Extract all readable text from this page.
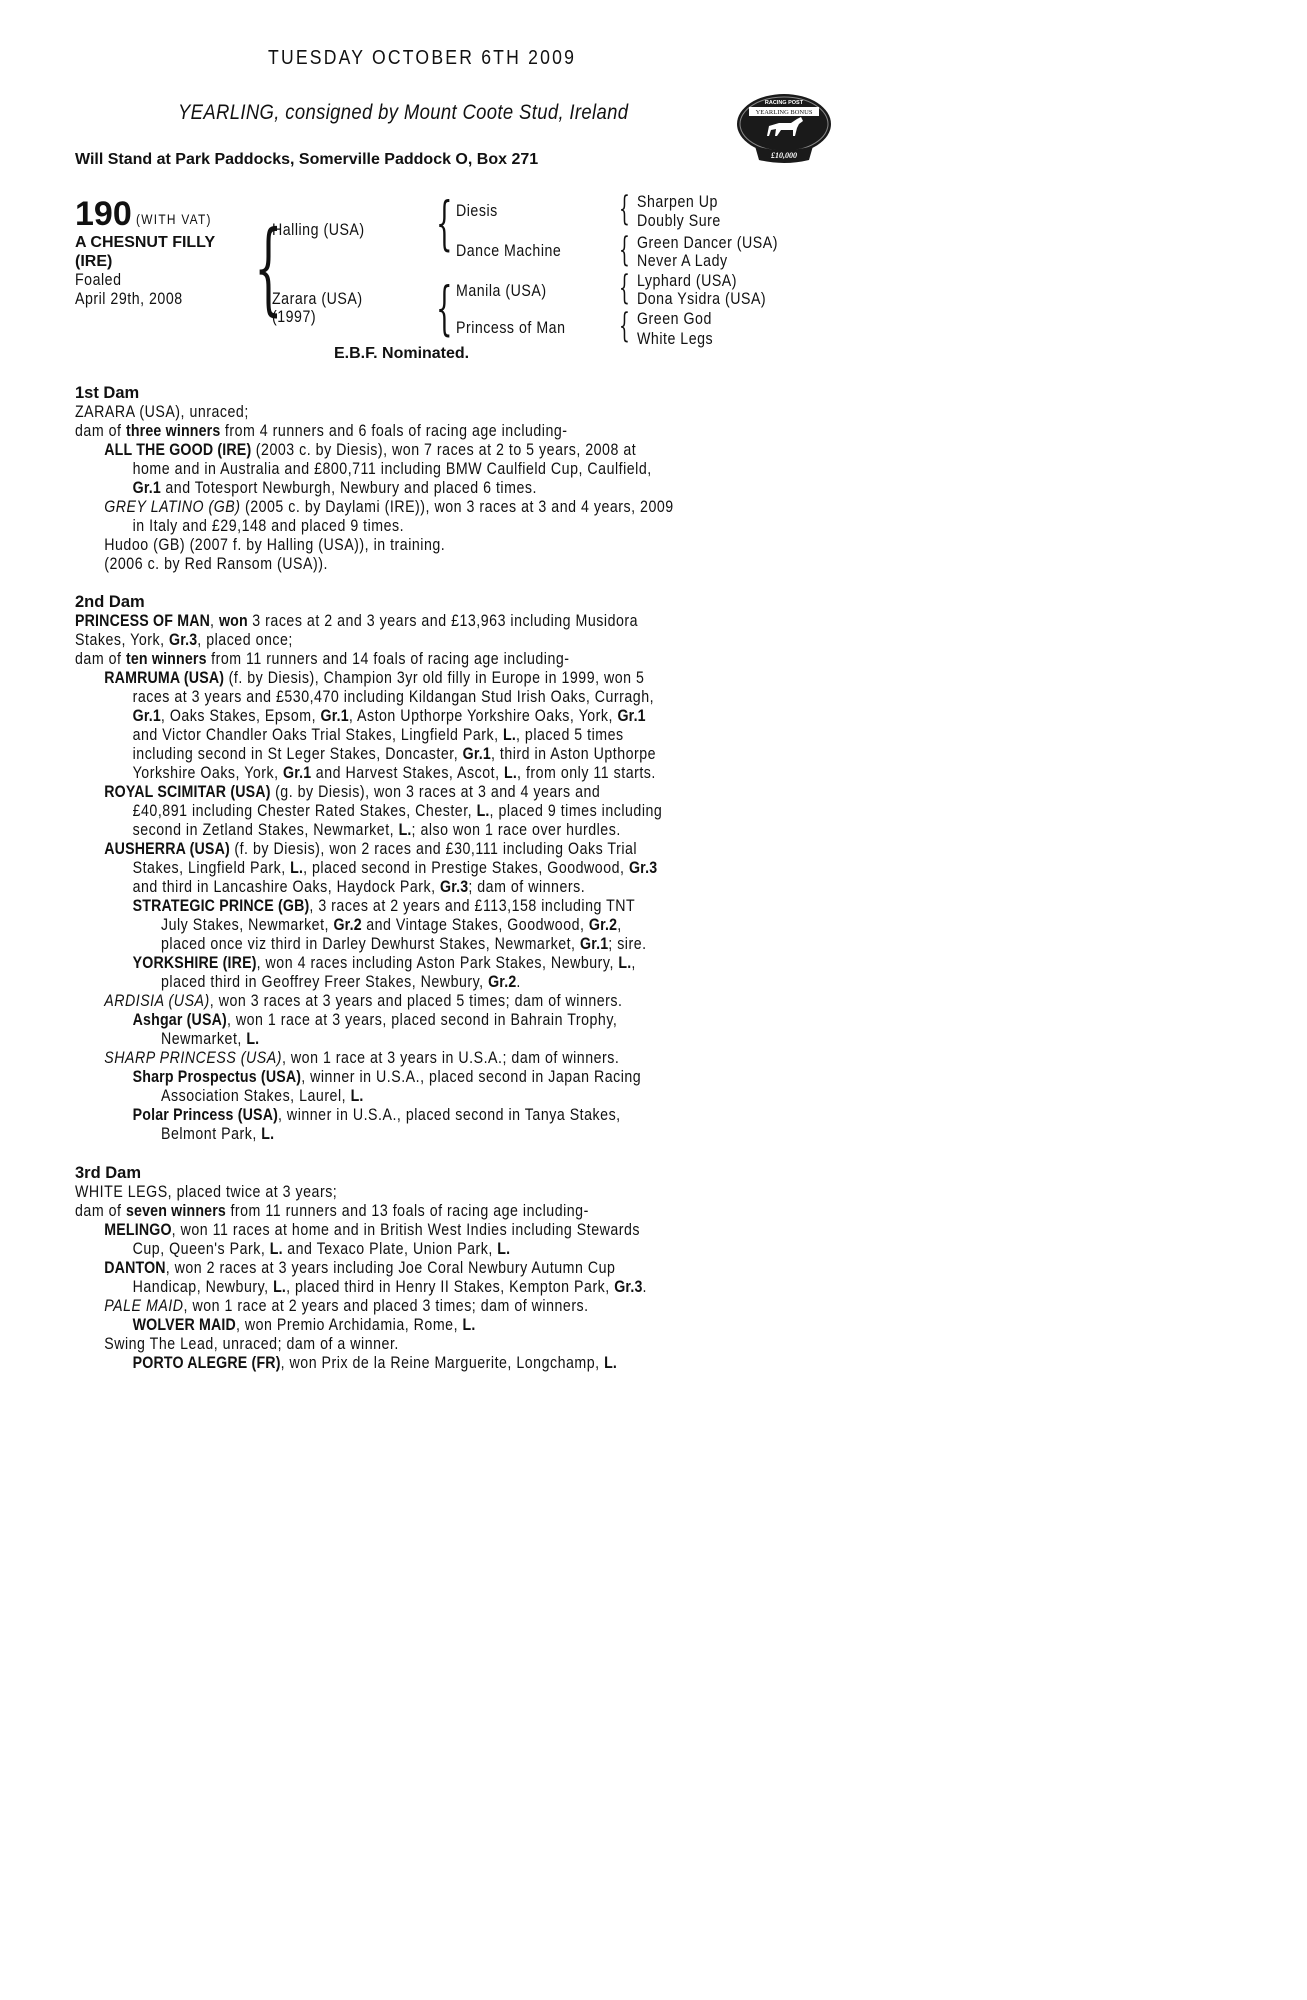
TUESDAY OCTOBER 6TH 2009
YEARLING, consigned by Mount Coote Stud, Ireland
Will Stand at Park Paddocks, Somerville Paddock O, Box 271
RACING POST
YEARLING BONUS
£10,000
190 (WITH VAT)
A CHESNUT FILLY
(IRE)
Foaled
April 29th, 2008 {	{
{
{
{
{
{
Halling (USA)
Zarara (USA)
(1997)
Diesis
Dance Machine
Manila (USA)
Princess of Man
Sharpen Up
Doubly Sure
Green Dancer (USA)
Never A Lady
Lyphard (USA)
Dona Ysidra (USA)
Green God
White Legs
E.B.F. Nominated.
1st Dam
ZARARA (USA), unraced;
dam of three winners from 4 runners and 6 foals of racing age including-
ALL THE GOOD (IRE) (2003 c. by Diesis), won 7 races at 2 to 5 years, 2008 at
home and in Australia and £800,711 including BMW Caulfield Cup, Caulfield,
Gr.1 and Totesport Newburgh, Newbury and placed 6 times.
GREY LATINO (GB) (2005 c. by Daylami (IRE)), won 3 races at 3 and 4 years, 2009
in Italy and £29,148 and placed 9 times.
Hudoo (GB) (2007 f. by Halling (USA)), in training.
(2006 c. by Red Ransom (USA)).
2nd Dam
PRINCESS OF MAN, won 3 races at 2 and 3 years and £13,963 including Musidora
Stakes, York, Gr.3, placed once;
dam of ten winners from 11 runners and 14 foals of racing age including-
RAMRUMA (USA) (f. by Diesis), Champion 3yr old filly in Europe in 1999, won 5
races at 3 years and £530,470 including Kildangan Stud Irish Oaks, Curragh,
Gr.1, Oaks Stakes, Epsom, Gr.1, Aston Upthorpe Yorkshire Oaks, York, Gr.1
and Victor Chandler Oaks Trial Stakes, Lingfield Park, L., placed 5 times
including second in St Leger Stakes, Doncaster, Gr.1, third in Aston Upthorpe
Yorkshire Oaks, York, Gr.1 and Harvest Stakes, Ascot, L., from only 11 starts.
ROYAL SCIMITAR (USA) (g. by Diesis), won 3 races at 3 and 4 years and
£40,891 including Chester Rated Stakes, Chester, L., placed 9 times including
second in Zetland Stakes, Newmarket, L.; also won 1 race over hurdles.
AUSHERRA (USA) (f. by Diesis), won 2 races and £30,111 including Oaks Trial
Stakes, Lingfield Park, L., placed second in Prestige Stakes, Goodwood, Gr.3
and third in Lancashire Oaks, Haydock Park, Gr.3; dam of winners.
STRATEGIC PRINCE (GB), 3 races at 2 years and £113,158 including TNT
July Stakes, Newmarket, Gr.2 and Vintage Stakes, Goodwood, Gr.2,
placed once viz third in Darley Dewhurst Stakes, Newmarket, Gr.1; sire.
YORKSHIRE (IRE), won 4 races including Aston Park Stakes, Newbury, L.,
placed third in Geoffrey Freer Stakes, Newbury, Gr.2.
ARDISIA (USA), won 3 races at 3 years and placed 5 times; dam of winners.
Ashgar (USA), won 1 race at 3 years, placed second in Bahrain Trophy,
Newmarket, L.
SHARP PRINCESS (USA), won 1 race at 3 years in U.S.A.; dam of winners.
Sharp Prospectus (USA), winner in U.S.A., placed second in Japan Racing
Association Stakes, Laurel, L.
Polar Princess (USA), winner in U.S.A., placed second in Tanya Stakes,
Belmont Park, L.
3rd Dam
WHITE LEGS, placed twice at 3 years;
dam of seven winners from 11 runners and 13 foals of racing age including-
MELINGO, won 11 races at home and in British West Indies including Stewards
Cup, Queen's Park, L. and Texaco Plate, Union Park, L.
DANTON, won 2 races at 3 years including Joe Coral Newbury Autumn Cup
Handicap, Newbury, L., placed third in Henry II Stakes, Kempton Park, Gr.3.
PALE MAID, won 1 race at 2 years and placed 3 times; dam of winners.
WOLVER MAID, won Premio Archidamia, Rome, L.
Swing The Lead, unraced; dam of a winner.
PORTO ALEGRE (FR), won Prix de la Reine Marguerite, Longchamp, L.
